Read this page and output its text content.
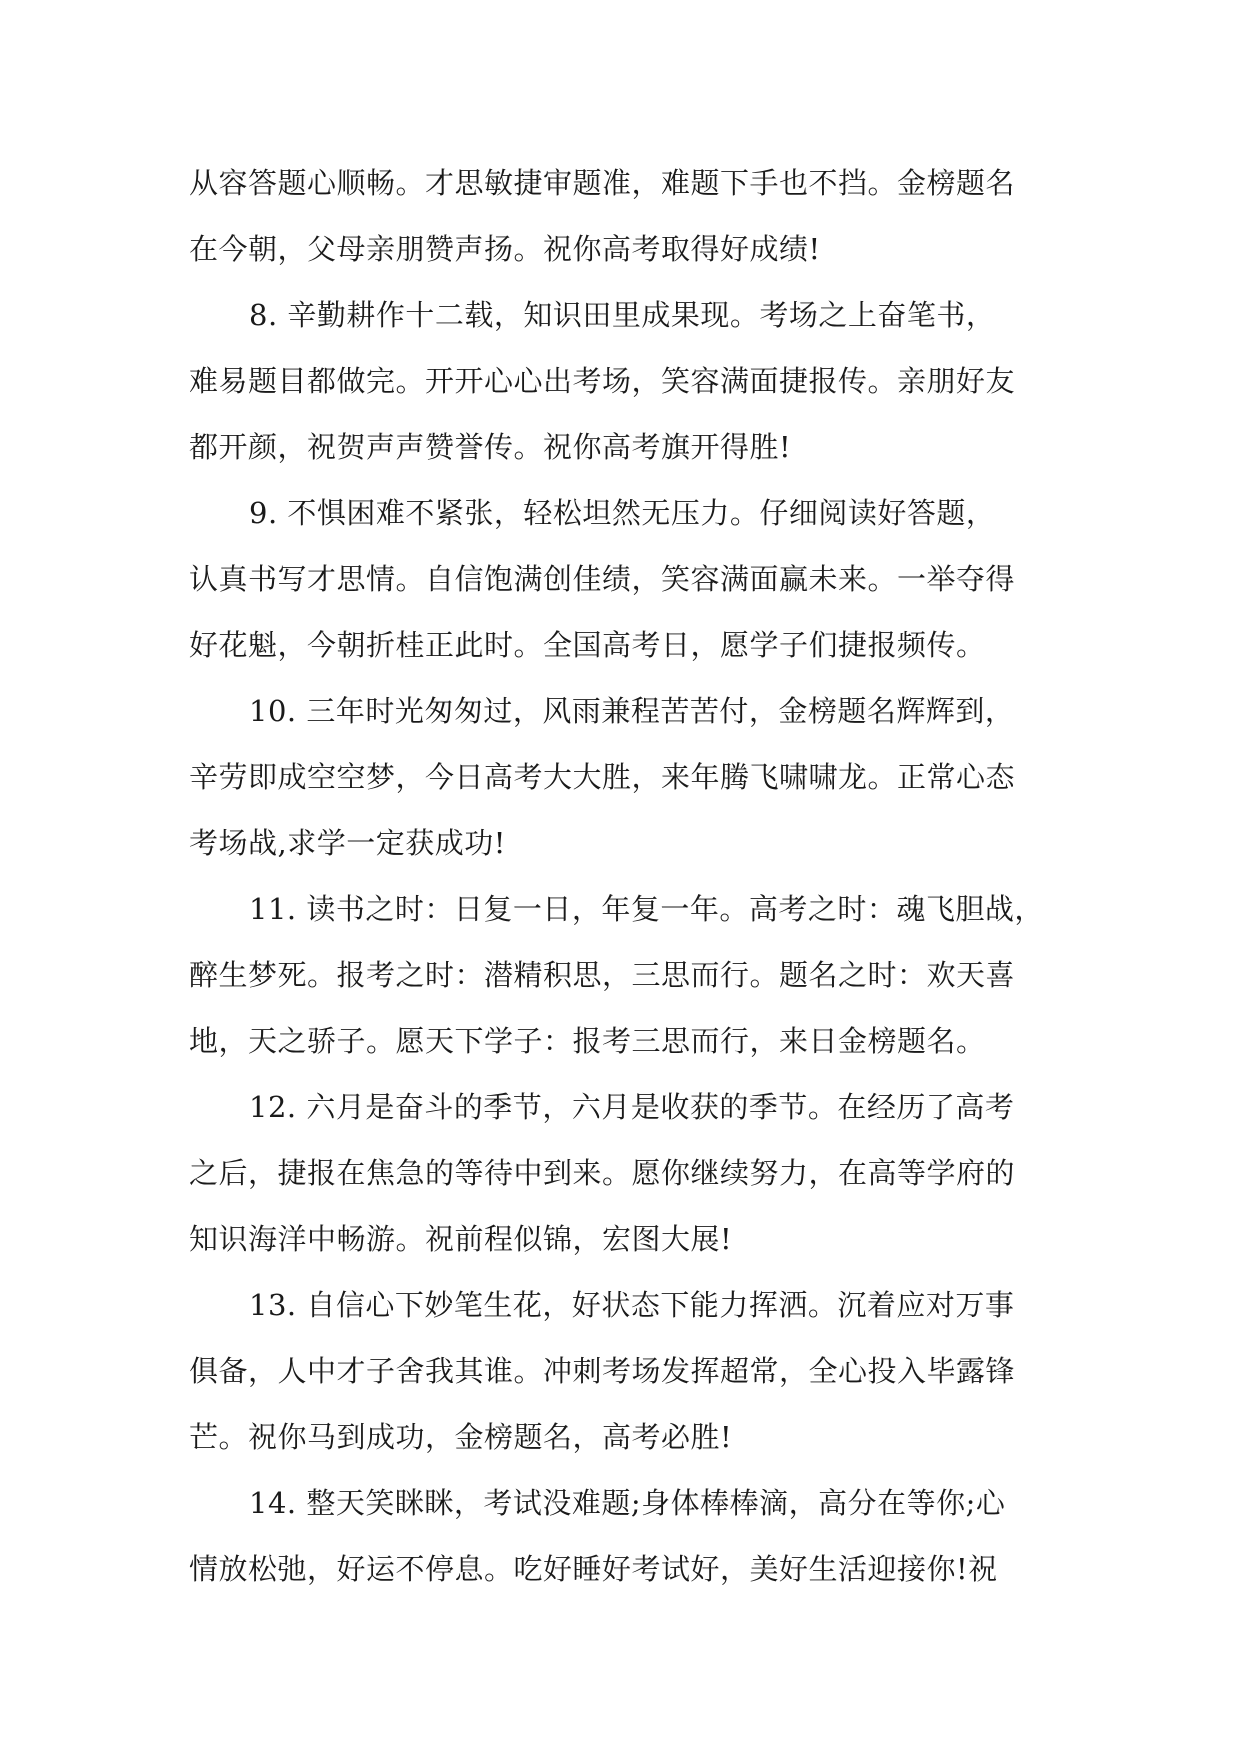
从容答题心顺畅。才思敏捷审题准，难题下手也不挡。金榜题名
在今朝，父母亲朋赞声扬。祝你高考取得好成绩!
8. 辛勤耕作十二载，知识田里成果现。考场之上奋笔书，
难易题目都做完。开开心心出考场，笑容满面捷报传。亲朋好友
都开颜，祝贺声声赞誉传。祝你高考旗开得胜!
9. 不惧困难不紧张，轻松坦然无压力。仔细阅读好答题，
认真书写才思情。自信饱满创佳绩，笑容满面赢未来。一举夺得
好花魁，今朝折桂正此时。全国高考日，愿学子们捷报频传。
10. 三年时光匆匆过，风雨兼程苦苦付，金榜题名辉辉到，
辛劳即成空空梦，今日高考大大胜，来年腾飞啸啸龙。正常心态
考场战,求学一定获成功!
11. 读书之时：日复一日，年复一年。高考之时：魂飞胆战，
醉生梦死。报考之时：潜精积思，三思而行。题名之时：欢天喜
地，天之骄子。愿天下学子：报考三思而行，来日金榜题名。
12. 六月是奋斗的季节，六月是收获的季节。在经历了高考
之后，捷报在焦急的等待中到来。愿你继续努力，在高等学府的
知识海洋中畅游。祝前程似锦，宏图大展!
13. 自信心下妙笔生花，好状态下能力挥洒。沉着应对万事
俱备，人中才子舍我其谁。冲刺考场发挥超常，全心投入毕露锋
芒。祝你马到成功，金榜题名，高考必胜!
14. 整天笑眯眯，考试没难题;身体棒棒滴，高分在等你;心
情放松弛，好运不停息。吃好睡好考试好，美好生活迎接你!祝
